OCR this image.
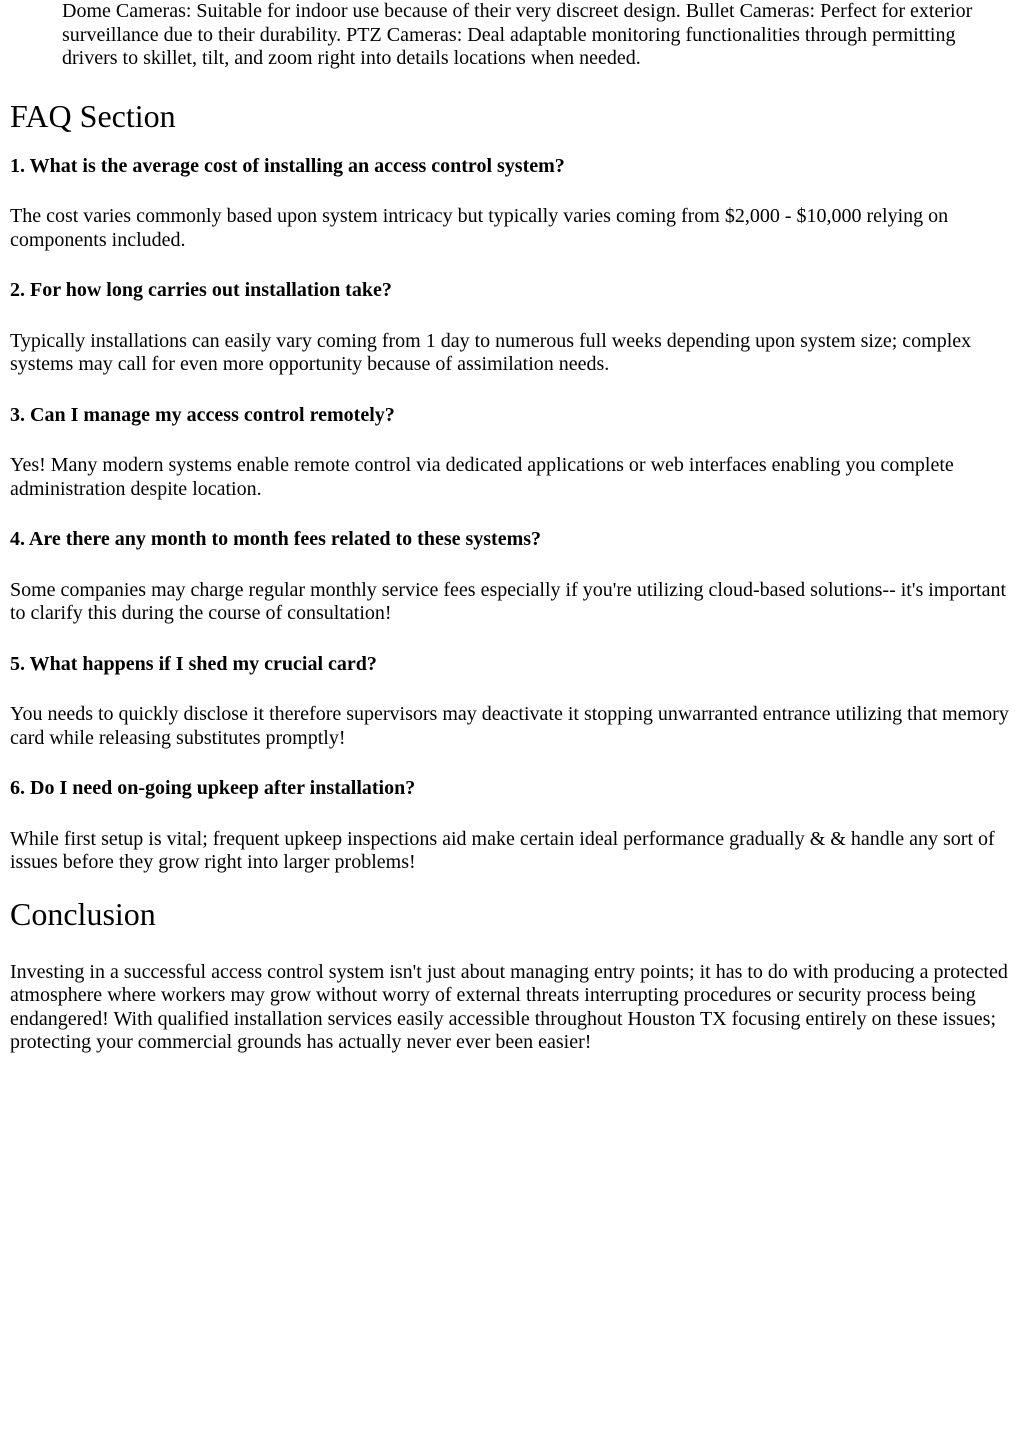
Dome Cameras: Suitable for indoor use because of their very discreet design. Bullet Cameras: Perfect for exterior surveillance due to their durability. PTZ Cameras: Deal adaptable monitoring functionalities through permitting drivers to skillet, tilt, and zoom right into details locations when needed.

FAQ Section
1. What is the average cost of installing an access control system?

The cost varies commonly based upon system intricacy but typically varies coming from $2,000 - $10,000 relying on components included.

2. For how long carries out installation take?

Typically installations can easily vary coming from 1 day to numerous full weeks depending upon system size; complex systems may call for even more opportunity because of assimilation needs.

3. Can I manage my access control remotely?

Yes! Many modern systems enable remote control via dedicated applications or web interfaces enabling you complete administration despite location.

4. Are there any month to month fees related to these systems?

Some companies may charge regular monthly service fees especially if you're utilizing cloud-based solutions-- it's important to clarify this during the course of consultation!

5. What happens if I shed my crucial card?

You needs to quickly disclose it therefore supervisors may deactivate it stopping unwarranted entrance utilizing that memory card while releasing substitutes promptly!

6. Do I need on-going upkeep after installation?

While first setup is vital; frequent upkeep inspections aid make certain ideal performance gradually & & handle any sort of issues before they grow right into larger problems!

Conclusion

Investing in a successful access control system isn't just about managing entry points; it has to do with producing a protected atmosphere where workers may grow without worry of external threats interrupting procedures or security process being endangered! With qualified installation services easily accessible throughout Houston TX focusing entirely on these issues; protecting your commercial grounds has actually never ever been easier!
